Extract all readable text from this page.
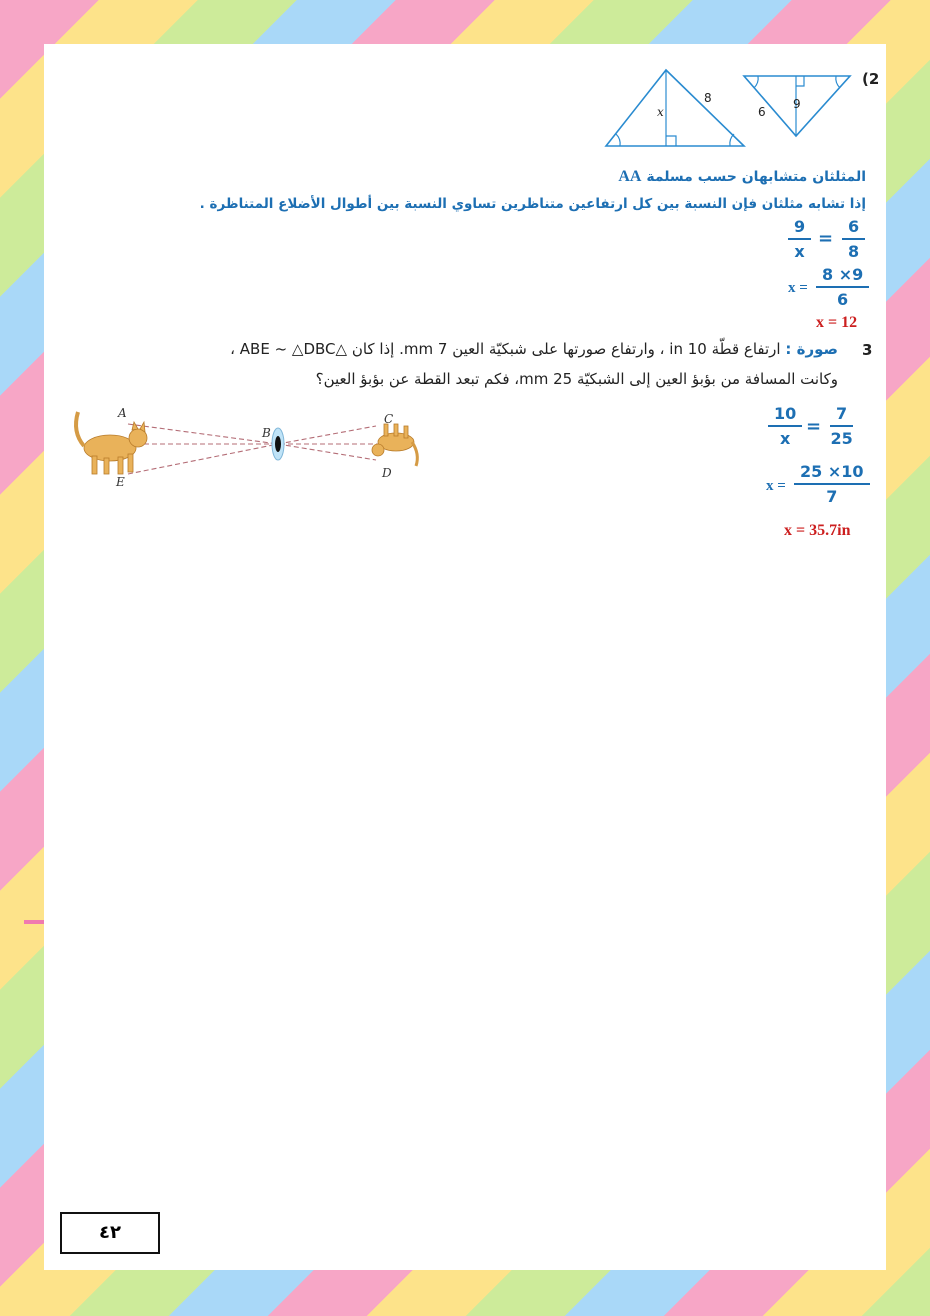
(2
x
8
6
9
المثلثان متشابهان حسب مسلمة AA
إذا تشابه مثلثان فإن النسبة بين كل ارتفاعين متناظرين تساوي النسبة بين أطوال الأضلاع المتناظرة .
$\frac{9}{x} = \frac{6}{8}$
$x = \frac{8 \times 9}{6}$
x = 12
3
صورة : ارتفاع قطّة 10 in ، وارتفاع صورتها على شبكيّة العين 7 mm. إذا كان △ABE ~ △DBC ،
وكانت المسافة من بؤبؤ العين إلى الشبكيّة 25 mm، فكم تبعد القطة عن بؤبؤ العين؟
A
B
C
D
E
$\frac{10}{x} = \frac{7}{25}$
$x = \frac{25 \times 10}{7}$
x = 35.7in
٤٢
